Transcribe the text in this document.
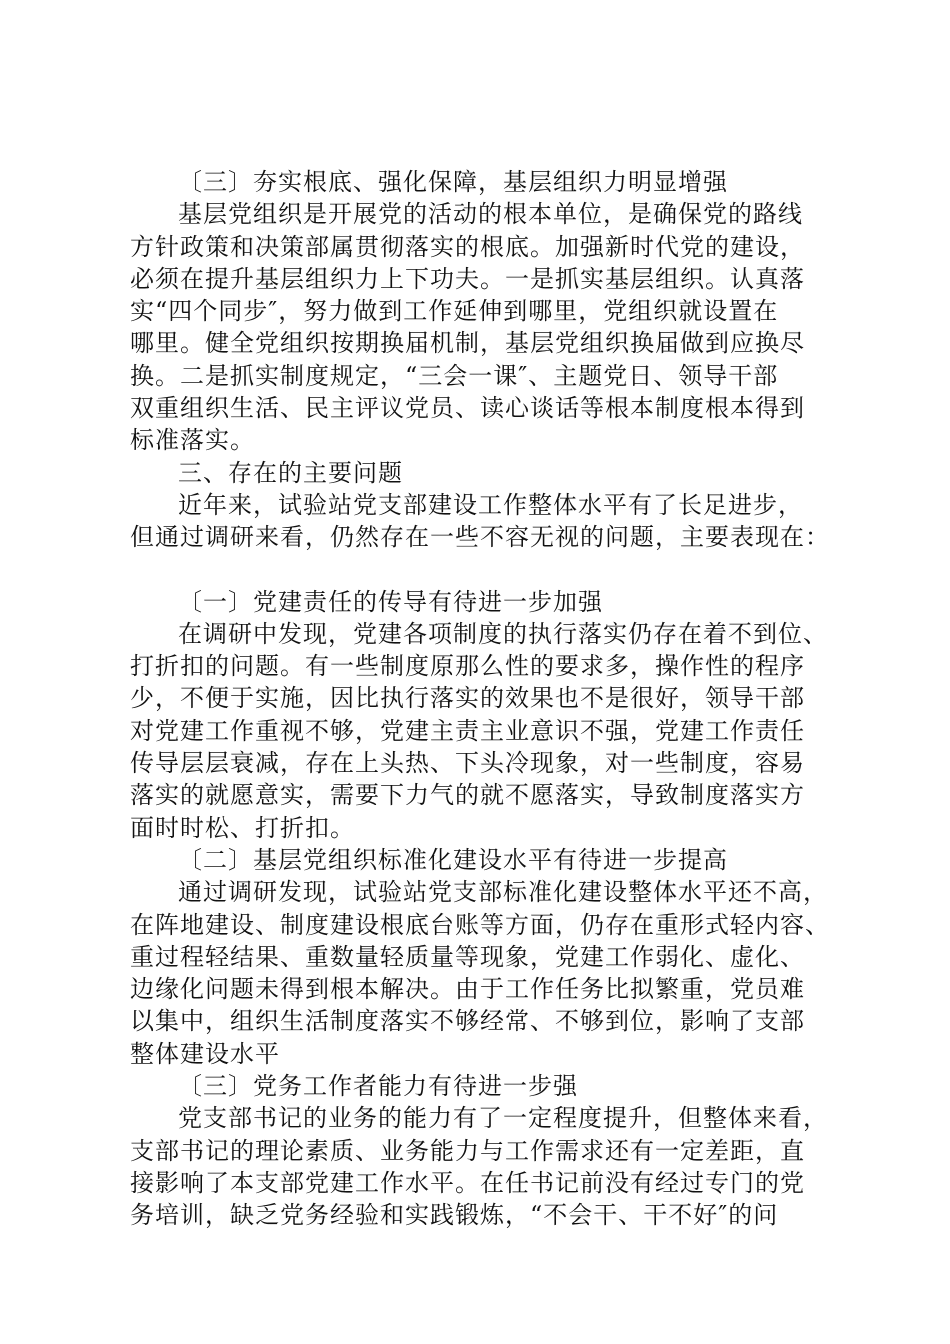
〔三〕夯实根底、强化保障，基层组织力明显增强
基层党组织是开展党的活动的根本单位，是确保党的路线
方针政策和决策部属贯彻落实的根底。加强新时代党的建设，
必须在提升基层组织力上下功夫。一是抓实基层组织。认真落
实“四个同步″，努力做到工作延伸到哪里，党组织就设置在
哪里。健全党组织按期换届机制，基层党组织换届做到应换尽
换。二是抓实制度规定，“三会一课″、主题党日、领导干部
双重组织生活、民主评议党员、读心谈话等根本制度根本得到
标准落实。
三、存在的主要问题
近年来，试验站党支部建设工作整体水平有了长足进步，
但通过调研来看，仍然存在一些不容无视的问题，主要表现在：
〔一〕党建责任的传导有待进一步加强
在调研中发现，党建各项制度的执行落实仍存在着不到位、
打折扣的问题。有一些制度原那么性的要求多，操作性的程序
少，不便于实施，因比执行落实的效果也不是很好，领导干部
对党建工作重视不够，党建主责主业意识不强，党建工作责任
传导层层衰减，存在上头热、下头冷现象，对一些制度，容易
落实的就愿意实，需要下力气的就不愿落实，导致制度落实方
面时时松、打折扣。
〔二〕基层党组织标准化建设水平有待进一步提高
通过调研发现，试验站党支部标准化建设整体水平还不高，
在阵地建设、制度建设根底台账等方面，仍存在重形式轻内容、
重过程轻结果、重数量轻质量等现象，党建工作弱化、虚化、
边缘化问题未得到根本解决。由于工作任务比拟繁重，党员难
以集中，组织生活制度落实不够经常、不够到位，影响了支部
整体建设水平
〔三〕党务工作者能力有待进一步强
党支部书记的业务的能力有了一定程度提升，但整体来看，
支部书记的理论素质、业务能力与工作需求还有一定差距，直
接影响了本支部党建工作水平。在任书记前没有经过专门的党
务培训，缺乏党务经验和实践锻炼，“不会干、干不好″的问
